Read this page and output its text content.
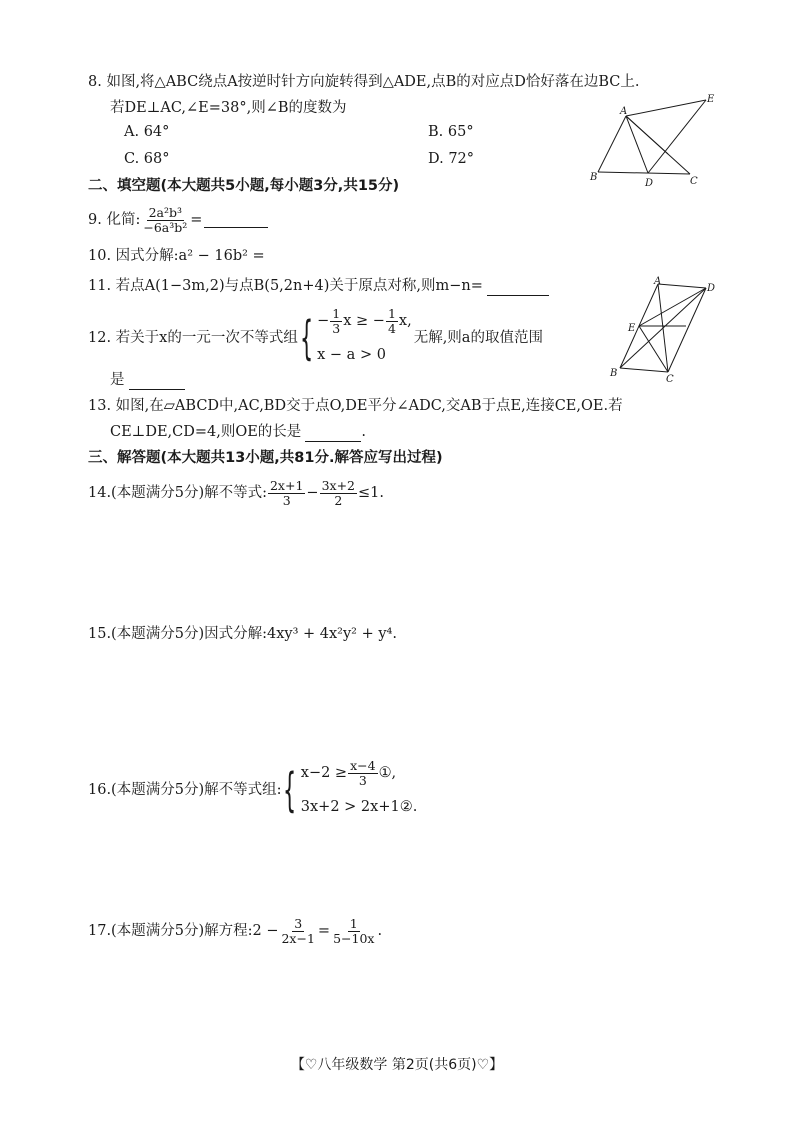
8. 如图,将△ABC绕点A按逆时针方向旋转得到△ADE,点B的对应点D恰好落在边BC上.
若DE⊥AC,∠E=38°,则∠B的度数为
A. 64°	B. 65°
C. 68°	D. 72°
A
E
B
D	C
二、填空题(本大题共5小题,每小题3分,共15分)
9. 化简: $\frac{\text{2a²b³}}{\text{−6a³b²}}$ =
10. 因式分解:a² − 16b² =
11. 若点A(1−3m,2)与点B(5,2n+4)关于原点对称,则m−n=
12. 若关于x的一元一次不等式组 { − $\frac{1}{3}$ x ≥ − $\frac{1}{4} x$,
x − a > 0
无解,则a的取值范围
是
A
D
E
B
C
13. 如图,在▱ABCD中,AC,BD交于点O,DE平分∠ADC,交AB于点E,连接CE,OE.若
CE⊥DE,CD=4,则OE的长是	.
三、解答题(本大题共13小题,共81分.解答应写出过程)
14.(本题满分5分)解不等式: $\frac{2x+1}{3} - \frac{3x+2}{2} \le 1$.
15.(本题满分5分)因式分解:4xy³ + 4x²y² + y⁴.
16.(本题满分5分)解不等式组: { $x-2 \ge \frac{x-4}{3}$ ①,
3x+2 > 2x+1②.
17.(本题满分5分)解方程:2 − $\frac{3}{2x-1} = \frac{1}{5-10x}$ .
【♡八年级数学 第2页(共6页)♡】
